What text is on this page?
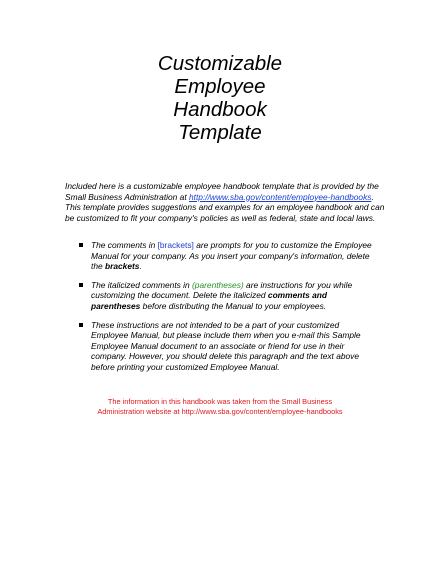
Customizable
Employee
Handbook
Template
Included here is a customizable employee handbook template that is provided by the Small Business Administration at http://www.sba.gov/content/employee-handbooks. This template provides suggestions and examples for an employee handbook and can be customized to fit your company's policies as well as federal, state and local laws.
The comments in [brackets] are prompts for you to customize the Employee Manual for your company. As you insert your company's information, delete the brackets.
The italicized comments in (parentheses) are instructions for you while customizing the document. Delete the italicized comments and parentheses before distributing the Manual to your employees.
These instructions are not intended to be a part of your customized Employee Manual, but please include them when you e-mail this Sample Employee Manual document to an associate or friend for use in their company. However, you should delete this paragraph and the text above before printing your customized Employee Manual.
The information in this handbook was taken from the Small Business
Administration website at http://www.sba.gov/content/employee-handbooks
